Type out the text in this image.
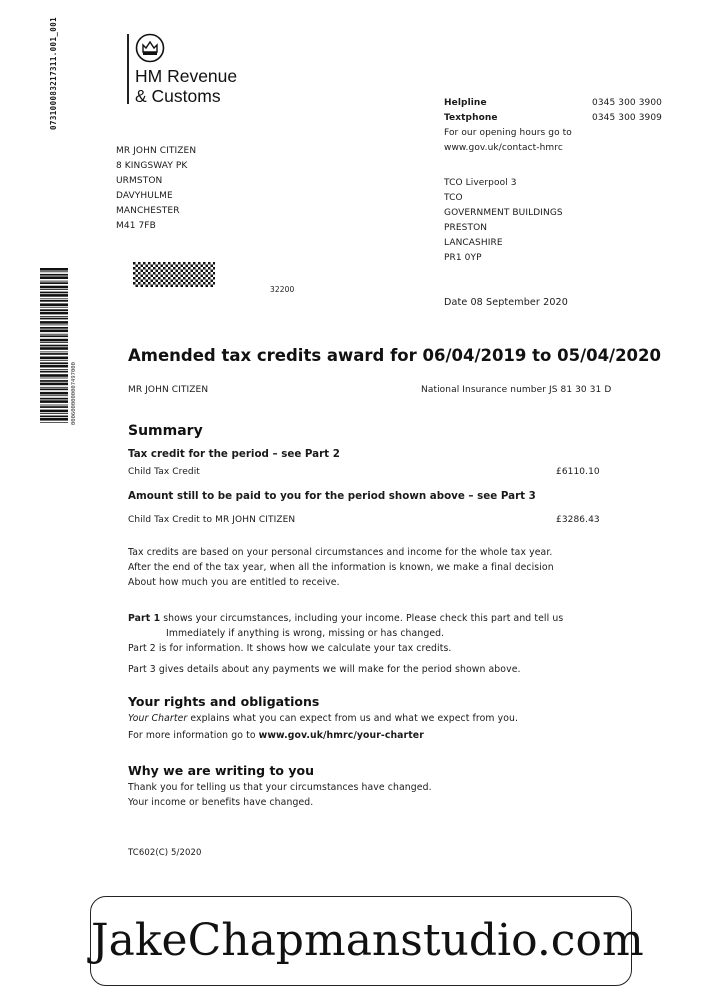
HM Revenue
& Customs
073100083217311.001_001
0006000000007497000
MR JOHN CITIZEN
8 KINGSWAY PK
URMSTON
DAVYHULME
MANCHESTER
M41 7FB
32200
Helpline	0345 300 3900
Textphone	0345 300 3909
For our opening hours go to
www.gov.uk/contact-hmrc
TCO Liverpool 3
TCO
GOVERNMENT BUILDINGS
PRESTON
LANCASHIRE
PR1 0YP
Date 08 September 2020
Amended tax credits award for 06/04/2019 to 05/04/2020
MR JOHN CITIZEN	National Insurance number JS 81 30 31 D
Summary
Tax credit for the period – see Part 2
Child Tax Credit	£6110.10
Amount still to be paid to you for the period shown above – see Part 3
Child Tax Credit to MR JOHN CITIZEN	£3286.43
Tax credits are based on your personal circumstances and income for the whole tax year.
After the end of the tax year, when all the information is known, we make a final decision
About how much you are entitled to receive.
Part 1 shows your circumstances, including your income. Please check this part and tell us
Immediately if anything is wrong, missing or has changed.
Part 2 is for information. It shows how we calculate your tax credits.
Part 3 gives details about any payments we will make for the period shown above.
Your rights and obligations
Your Charter explains what you can expect from us and what we expect from you.
For more information go to www.gov.uk/hmrc/your-charter
Why we are writing to you
Thank you for telling us that your circumstances have changed.
Your income or benefits have changed.
TC602(C) 5/2020
JakeChapmanstudio.com
